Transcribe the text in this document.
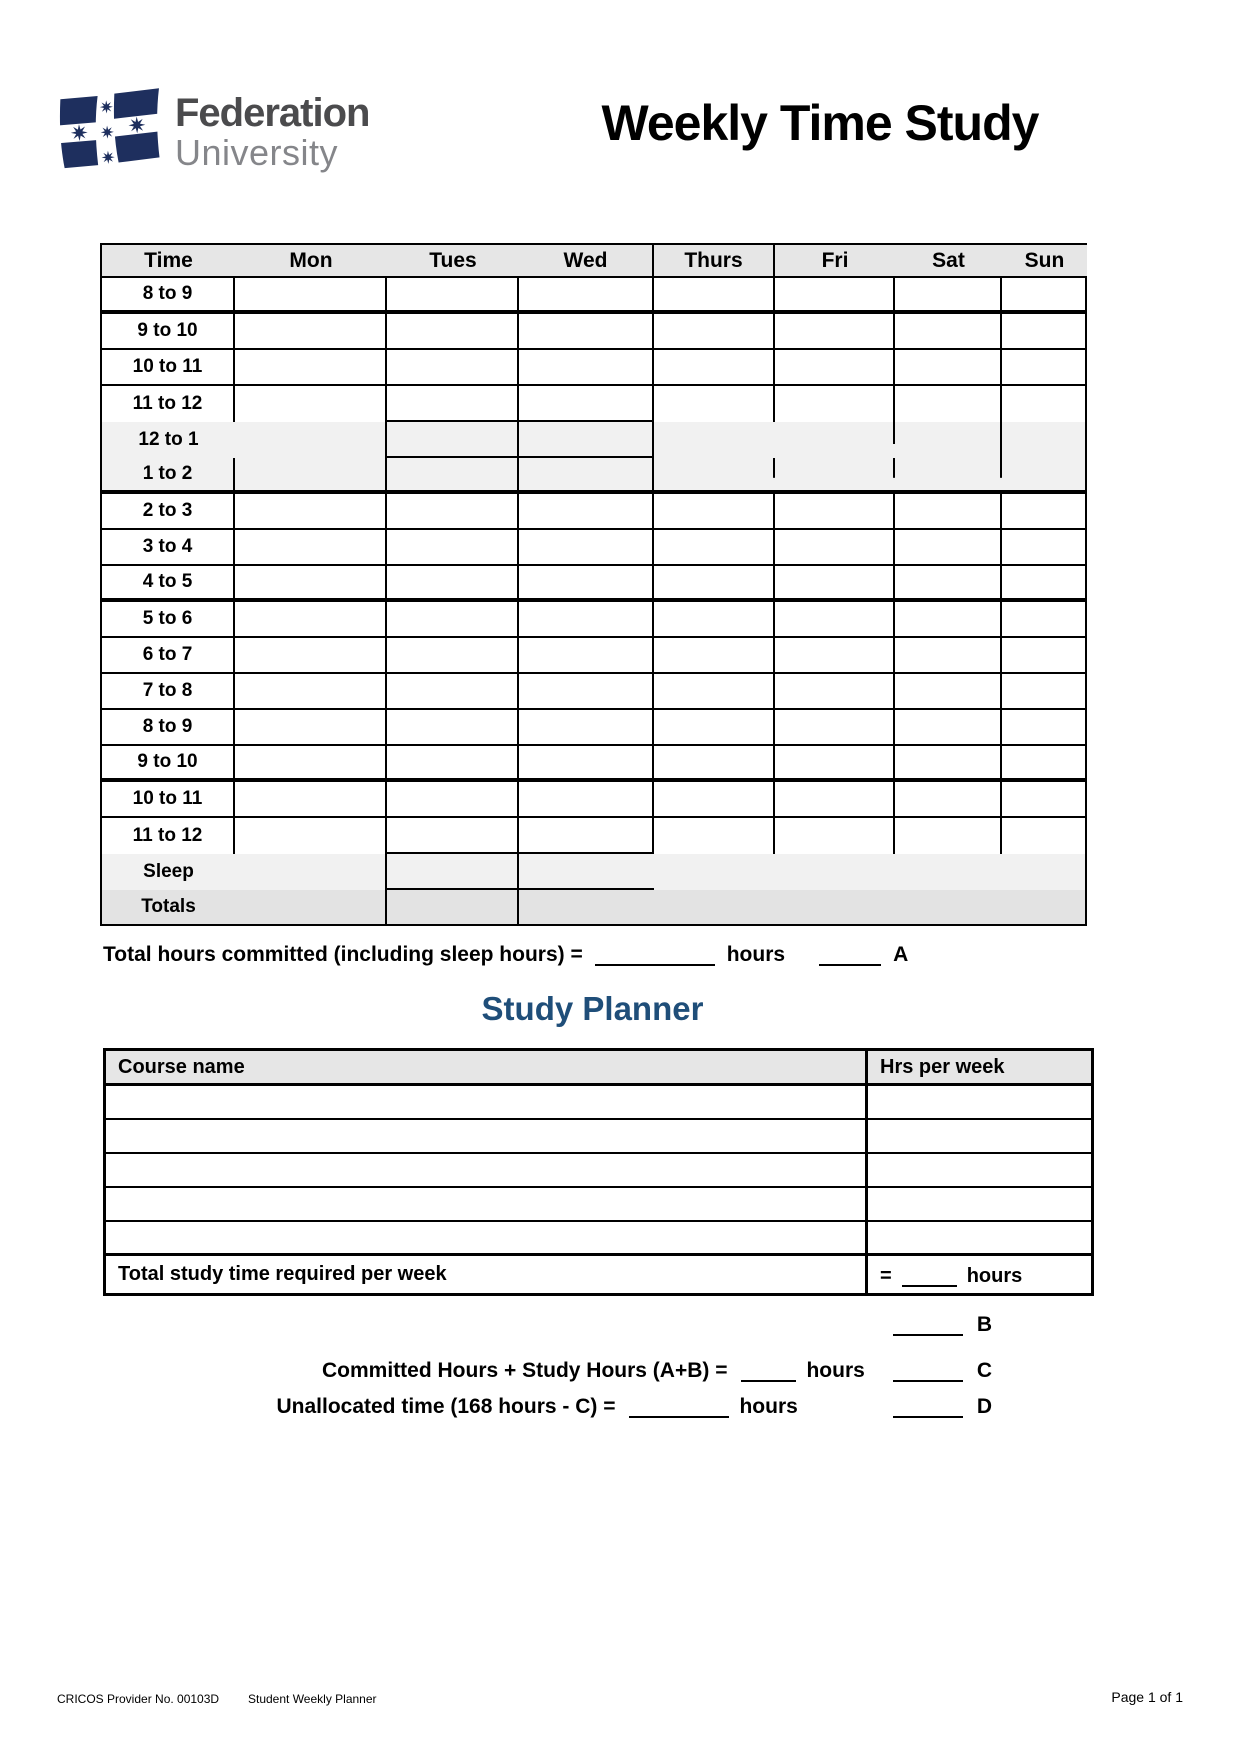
Federation
University
Weekly Time Study
Time	Mon	Tues	Wed	Thurs	Fri	Sat	Sun
8 to 9							
9 to 10							
10 to 11							
11 to 12							
12 to 1							
1 to 2							
2 to 3							
3 to 4							
4 to 5							
5 to 6							
6 to 7							
7 to 8							
8 to 9							
9 to 10							
10 to 11							
11 to 12							
Sleep							
Totals							
Total hours committed (including sleep hours) =	hours	A
Study Planner
Course name	Hrs per week

Total study time required per week	= hours
B
Committed Hours + Study Hours (A+B) =	hours	C
Unallocated time (168 hours - C) =	hours	D
CRICOS Provider No. 00103D Student Weekly Planner	Page 1 of 1
